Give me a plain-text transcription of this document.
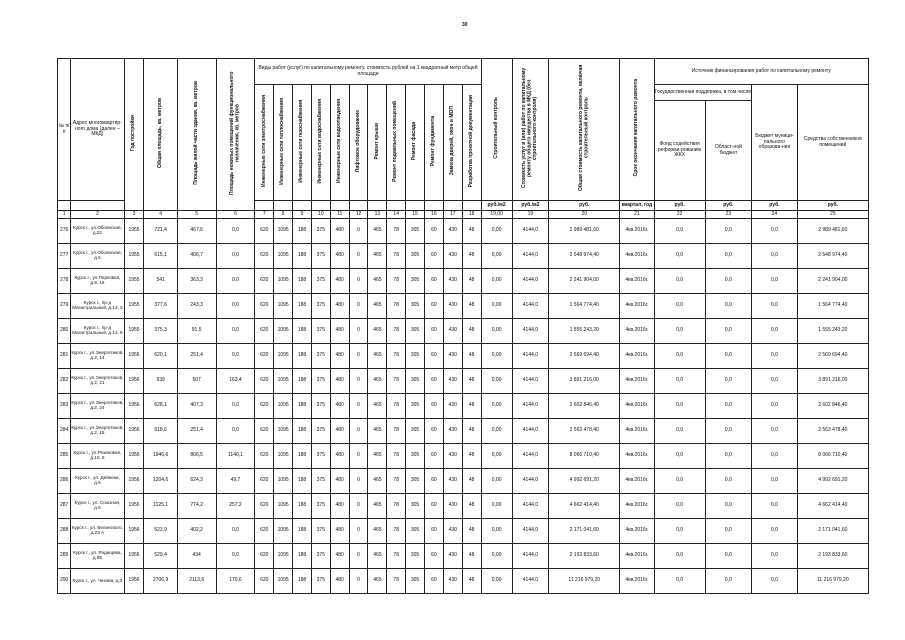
30
№ п/п	Адрес многоквартир-ного дома (далее – МКД)	Год постройки	Общая площадь, кв. метров	Площадь жилой части здания, кв. метров	Площадь нежилых помещений функционального назначения, кв. метров	Виды работ (услуг) по капитальному ремонту, стоимость рублей на 1 квадратный метр общей площади												Строительный контроль	Стоимость услуг и (или) работ по капитальному ремонту общего имущества в МКД (без строительного контроля)	Общая стоимость капитального ремонта, включая строительный контроль	Срок окончания капитального ремонта	Источник финансирования работ по капитальному ремонту			
						Инженерные сети электроснабжения	Инженерные сети теплоснабжения	Инженерные сети газоснабжения	Инженерные сети водоснабжения	Инженерные сети водоотведения	Лифтовое оборудование	Ремонт крыши	Ремонт подвальных помещений	Ремонт фасада	Ремонт фундамента	Замена дверей, окон в МОП	Разработка проектной документации					Государственная поддержка, в том числе		Бюджет муници-пального образова-ния	Средства собственников помещений
																						Фонд содействия реформи-рованию ЖКХ	Област-ной бюджет		
																		руб./м2	руб./м2	руб.	квартал, год	руб.	руб.	руб.	руб.
1	2	3	4	5	6	7	8	9	10	11	12	13	14	15	16	17	18	19,00	19	20	21	22	23	24	25
276	Курск г., ул.Обоянская, д.22	1955	721,4	467,6	0,0	620	1095	188	375	480	0	465	78	305	60	430	48	0,00	4144,0	2 989 481,60	4кв.2016г.	0,0	0,0	0,0	2 989 481,60
277	Курск г., ул.Обоянская, д.5	1955	615,1	406,7	0,0	620	1095	188	375	480	0	465	78	305	60	430	48	0,00	4144,0	2 548 974,40	4кв.2016г.	0,0	0,0	0,0	2 548 974,40
278	Курск г., ул.Перковая, д.9, 16	1955	541	363,3	0,0	620	1095	188	375	480	0	465	78	305	60	430	48	0,00	4144,0	2 241 904,00	4кв.2016г.	0,0	0,0	0,0	2 241 904,00
279	Курск г., пр-д Магистральный, д.13, 3	1955	377,6	243,3	0,0	620	1095	188	375	480	0	465	78	305	60	430	48	0,00	4144,0	1 564 774,40	4кв.2016г.	0,0	0,0	0,0	1 564 774,40
280	Курск г., пр-д Магистральный, д.13, 6	1955	375,3	91,5	0,0	620	1095	188	375	480	0	465	78	305	60	430	48	0,00	4144,0	1 555 243,20	4кв.2016г.	0,0	0,0	0,0	1 555 243,20
281	Курск г., ул.Энергетиков, д.2, 14	1956	620,1	251,4	0,0	620	1095	188	375	480	0	465	78	305	60	430	48	0,00	4144,0	2 569 694,40	4кв.2016г.	0,0	0,0	0,0	2 569 694,40
282	Курск г., ул.Энергетиков, д.2, 21	1956	939	507	163,4	620	1095	188	375	480	0	465	78	305	60	430	48	0,00	4144,0	3 891 216,00	4кв.2016г.	0,0	0,0	0,0	3 891 216,00
283	Курск г., ул.Энергетиков, д.2, 24	1956	628,1	407,3	0,0	620	1095	188	375	480	0	465	78	305	60	430	48	0,00	4144,0	2 602 846,40	4кв.2016г.	0,0	0,0	0,0	2 602 846,40
284	Курск г., ул.Энергетиков, д.2, 15	1956	618,6	251,4	0,0	620	1095	188	375	480	0	465	78	305	60	430	48	0,00	4144,0	2 563 478,40	4кв.2016г.	0,0	0,0	0,0	2 563 478,40
285	Курск г., ул.Резиновая, д.10, 9	1956	1946,6	806,5	1140,1	620	1095	188	375	480	0	465	78	305	60	430	48	0,00	4144,0	8 066 710,40	4кв.2016г.	0,0	0,0	0,0	8 066 710,40
286	Курск г., ул. Дейнеки, д.6	1956	1204,6	624,3	49,7	620	1095	188	375	480	0	465	78	305	60	430	48	0,00	4144,0	4 992 691,20	4кв.2016г.	0,0	0,0	0,0	4 992 691,20
287	Курск г., ул. Союзная, д.6	1956	1125,1	774,2	257,2	620	1095	188	375	480	0	465	78	305	60	430	48	0,00	4144,0	4 662 414,40	4кв.2016г.	0,0	0,0	0,0	4 662 414,40
288	Курск г., ул. Белинского, д.23 А	1956	523,9	402,2	0,0	620	1095	188	375	480	0	465	78	305	60	430	48	0,00	4144,0	2 171 041,60	4кв.2016г.	0,0	0,0	0,0	2 171 041,60
289	Курск г., ул. Радищева, д.85	1956	529,4	434	0,0	620	1095	188	375	480	0	465	78	305	60	430	48	0,00	4144,0	2 193 833,60	4кв.2016г.	0,0	0,0	0,0	2 193 833,60
290	Курск г., ул. Чехова, д.3	1956	2706,9	2113,6	170,6	620	1095	188	375	480	0	465	78	305	60	430	48	0,00	4144,0	11 216 979,20	4кв.2016г.	0,0	0,0	0,0	11 216 979,20
